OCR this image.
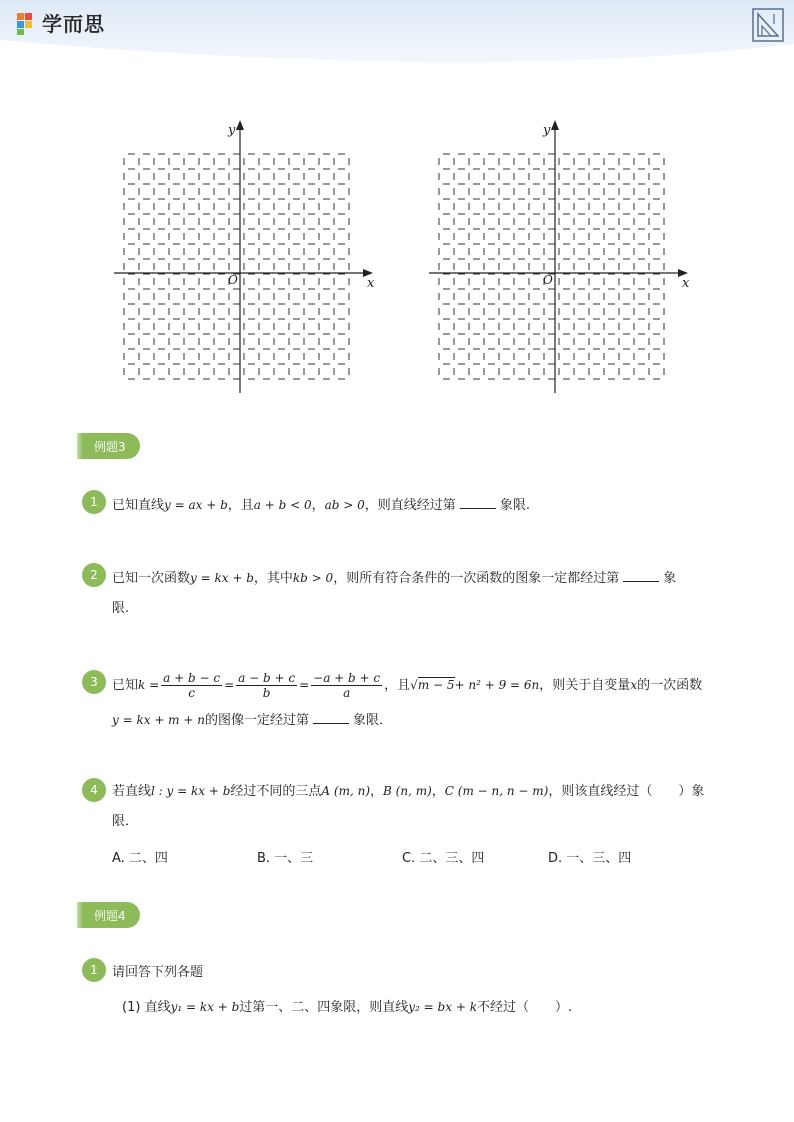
学而思
y
x
O
y
x
O
例题3
1 已知直线y = ax + b，且a + b < 0，ab > 0，则直线经过第	象限.
2 已知一次函数y = kx + b，其中kb > 0，则所有符合条件的一次函数的图象一定都经过第	象
限.
3 已知$k = \frac{a + b - c}{c} = \frac{a - b + c}{b} = \frac{-a + b + c}{a}$ ，且√m − 5+ n² + 9 = 6n，则关于自变量x的一次函数
y = kx + m + n的图像一定经过第	象限．
4 若直线l : y = kx + b经过不同的三点A (m, n)，B (n, m)，C (m − n, n − m)，则该直线经过（　　）象
限．
A. 二、四	B. 一、三	C. 二、三、四	D. 一、三、四
例题4
1 请回答下列各题
(1) 直线y₁ = kx + b过第一、二、四象限，则直线y₂ = bx + k不经过（　　）.
